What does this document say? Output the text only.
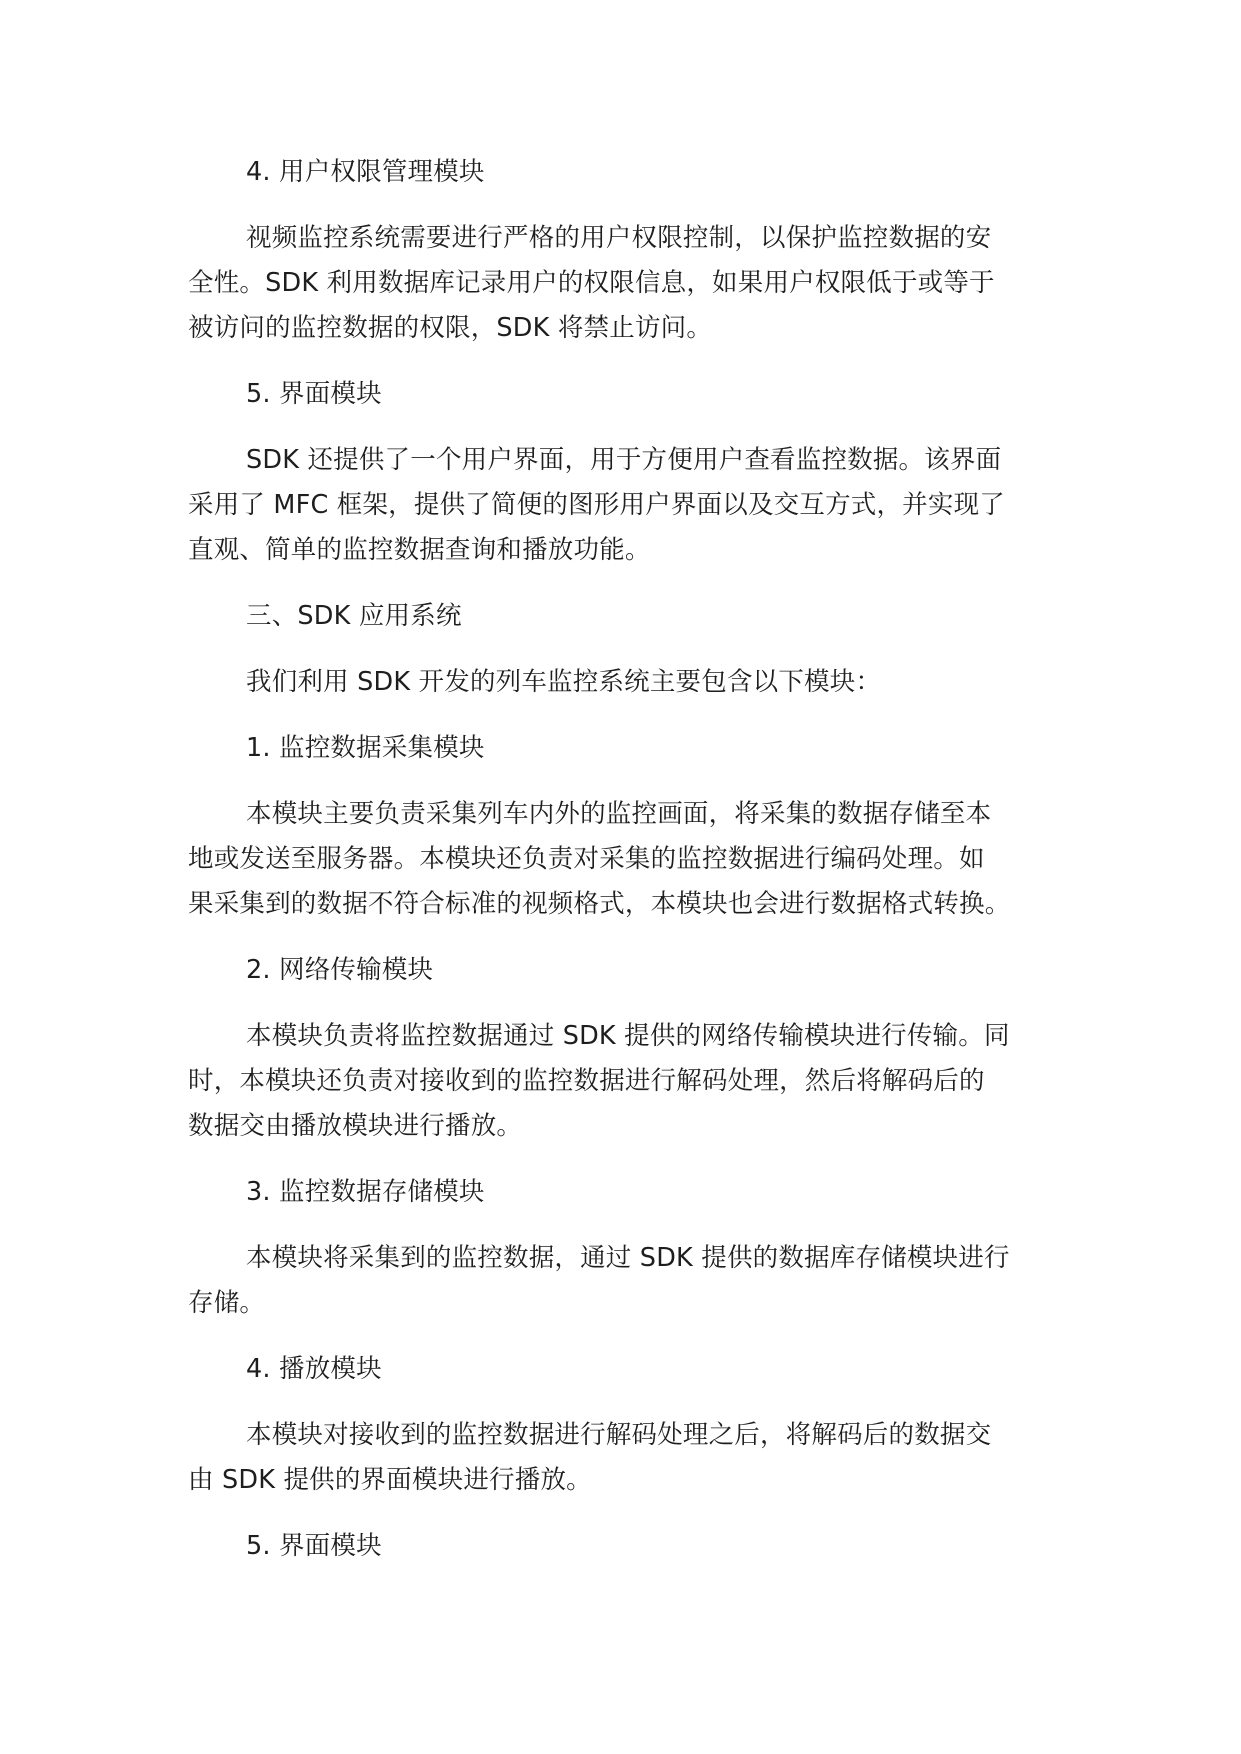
4. 用户权限管理模块
视频监控系统需要进行严格的用户权限控制，以保护监控数据的安
全性。SDK 利用数据库记录用户的权限信息，如果用户权限低于或等于
被访问的监控数据的权限，SDK 将禁止访问。
5. 界面模块
SDK 还提供了一个用户界面，用于方便用户查看监控数据。该界面
采用了 MFC 框架，提供了简便的图形用户界面以及交互方式，并实现了
直观、简单的监控数据查询和播放功能。
三、SDK 应用系统
我们利用 SDK 开发的列车监控系统主要包含以下模块：
1. 监控数据采集模块
本模块主要负责采集列车内外的监控画面，将采集的数据存储至本
地或发送至服务器。本模块还负责对采集的监控数据进行编码处理。如
果采集到的数据不符合标准的视频格式，本模块也会进行数据格式转换。
2. 网络传输模块
本模块负责将监控数据通过 SDK 提供的网络传输模块进行传输。同
时，本模块还负责对接收到的监控数据进行解码处理，然后将解码后的
数据交由播放模块进行播放。
3. 监控数据存储模块
本模块将采集到的监控数据，通过 SDK 提供的数据库存储模块进行
存储。
4. 播放模块
本模块对接收到的监控数据进行解码处理之后，将解码后的数据交
由 SDK 提供的界面模块进行播放。
5. 界面模块
